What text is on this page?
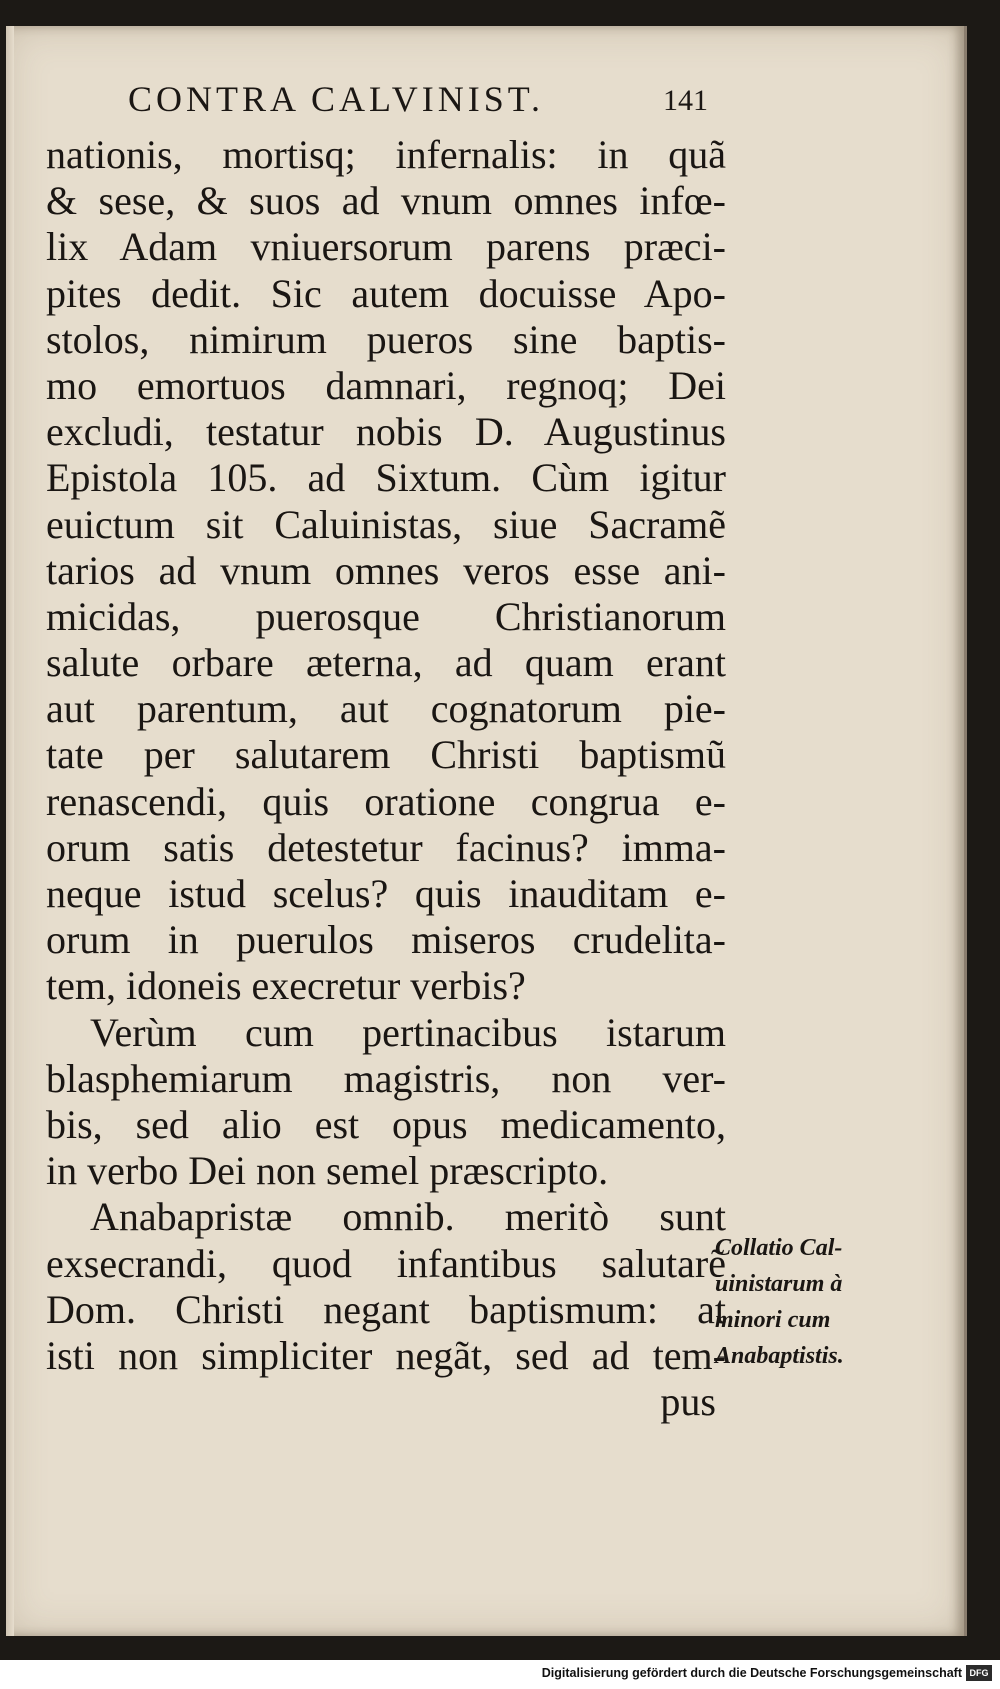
CONTRA CALVINIST.	141
nationis, mortisq; infernalis: in quã
& sese, & suos ad vnum omnes infœ-
lix Adam vniuersorum parens præci-
pites dedit. Sic autem docuisse Apo-
stolos, nimirum pueros sine baptis-
mo emortuos damnari, regnoq; Dei
excludi, testatur nobis D. Augustinus
Epistola 105. ad Sixtum. Cùm igitur
euictum sit Caluinistas, siue Sacramẽ
tarios ad vnum omnes veros esse ani-
micidas, puerosque Christianorum
salute orbare æterna, ad quam erant
aut parentum, aut cognatorum pie-
tate per salutarem Christi baptismũ
renascendi, quis oratione congrua e-
orum satis detestetur facinus? imma-
neque istud scelus? quis inauditam e-
orum in puerulos miseros crudelita-
tem, idoneis execretur verbis?
Verùm cum pertinacibus istarum
blasphemiarum magistris, non ver-
bis, sed alio est opus medicamento,
in verbo Dei non semel præscripto.
Anabapristæ omnib. meritò sunt
exsecrandi, quod infantibus salutarẽ
Dom. Christi negant baptismum: at
isti non simpliciter negãt, sed ad tem-
pus
Collatio Cal-
uinistarum à
minori cum
Anabaptistis.
Digitalisierung gefördert durch die Deutsche Forschungsgemeinschaft DFG
